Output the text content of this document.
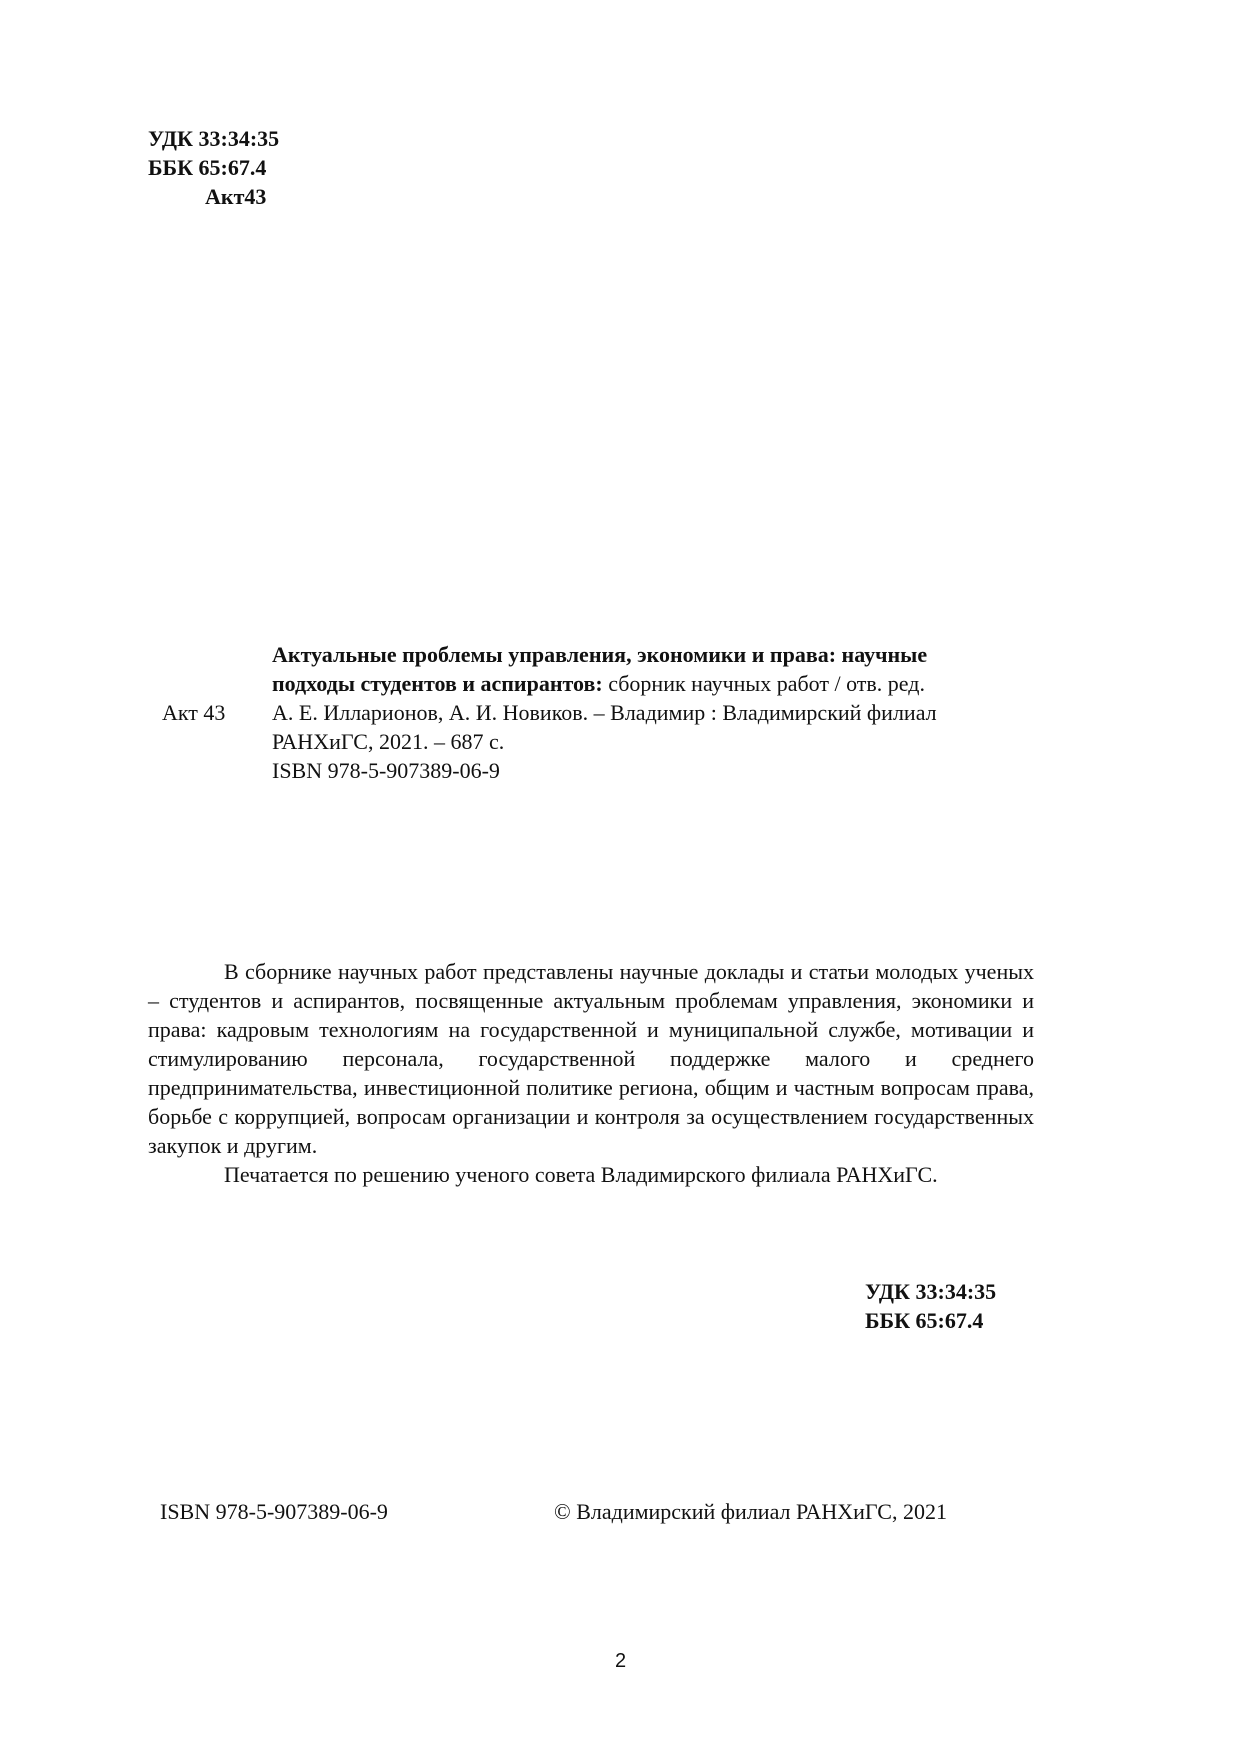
УДК 33:34:35
ББК 65:67.4
Акт43
Акт 43
Актуальные проблемы управления, экономики и права: научные
подходы студентов и аспирантов: сборник научных работ / отв. ред.
А. Е. Илларионов, А. И. Новиков. – Владимир : Владимирский филиал
РАНХиГС, 2021. – 687 с.
ISBN 978-5-907389-06-9

В сборнике научных работ представлены научные доклады и статьи молодых ученых – студентов и аспирантов, посвященные актуальным проблемам управления, экономики и права: кадровым технологиям на государственной и муниципальной службе, мотивации и стимулированию персонала, государственной поддержке малого и среднего предпринимательства, инвестиционной политике региона, общим и частным вопросам права, борьбе с коррупцией, вопросам организации и контроля за осуществлением государственных закупок и другим.

Печатается по решению ученого совета Владимирского филиала РАНХиГС.

УДК 33:34:35
ББК 65:67.4
ISBN 978-5-907389-06-9	© Владимирский филиал РАНХиГС, 2021
2
